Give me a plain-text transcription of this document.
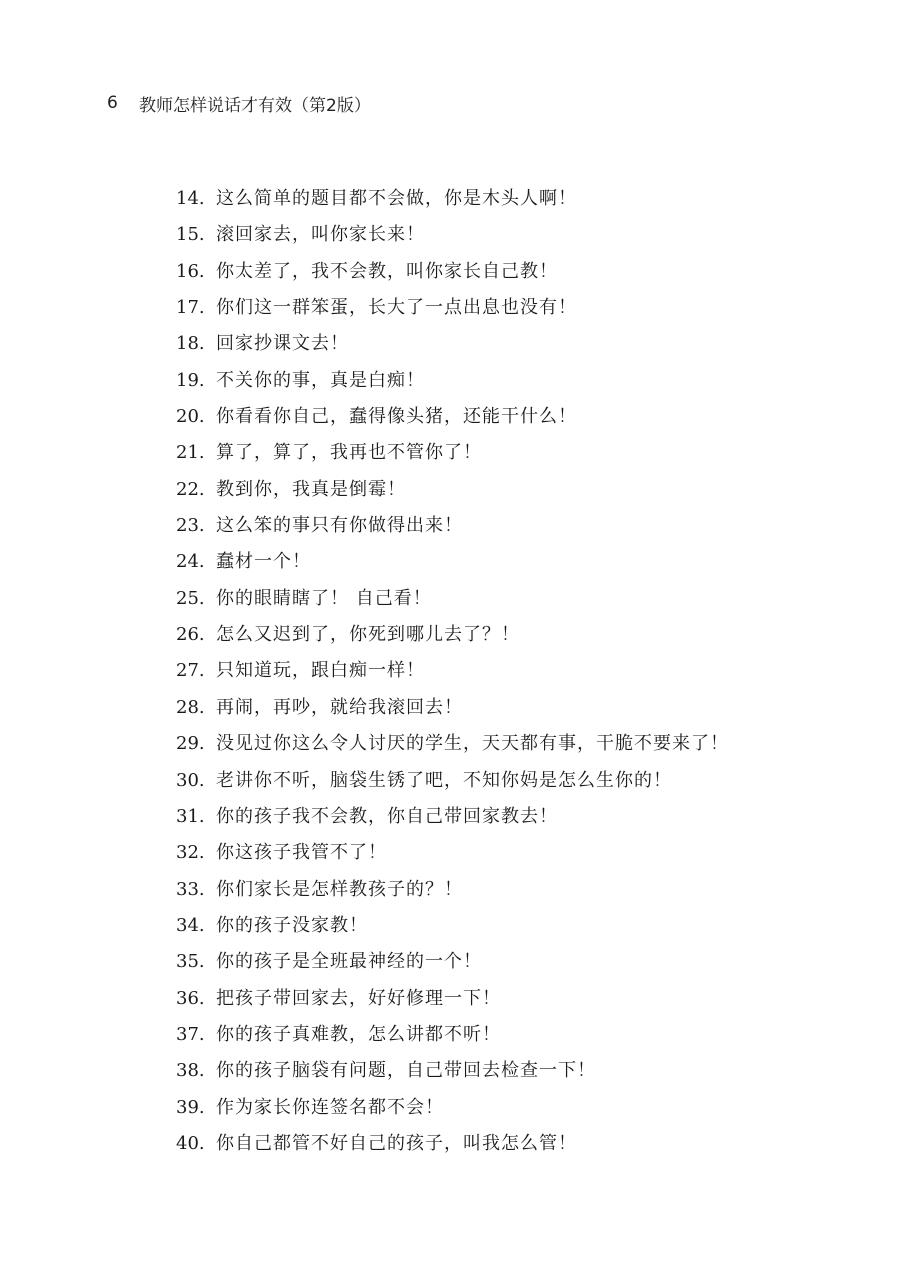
6	教师怎样说话才有效（第2版）
14. 这么简单的题目都不会做，你是木头人啊！
15. 滚回家去，叫你家长来！
16. 你太差了，我不会教，叫你家长自己教！
17. 你们这一群笨蛋，长大了一点出息也没有！
18. 回家抄课文去！
19. 不关你的事，真是白痴！
20. 你看看你自己，蠢得像头猪，还能干什么！
21. 算了，算了，我再也不管你了！
22. 教到你，我真是倒霉！
23. 这么笨的事只有你做得出来！
24. 蠢材一个！
25. 你的眼睛瞎了！ 自己看！
26. 怎么又迟到了，你死到哪儿去了？！
27. 只知道玩，跟白痴一样！
28. 再闹，再吵，就给我滚回去！
29. 没见过你这么令人讨厌的学生，天天都有事，干脆不要来了！
30. 老讲你不听，脑袋生锈了吧，不知你妈是怎么生你的！
31. 你的孩子我不会教，你自己带回家教去！
32. 你这孩子我管不了！
33. 你们家长是怎样教孩子的？！
34. 你的孩子没家教！
35. 你的孩子是全班最神经的一个！
36. 把孩子带回家去，好好修理一下！
37. 你的孩子真难教，怎么讲都不听！
38. 你的孩子脑袋有问题，自己带回去检查一下！
39. 作为家长你连签名都不会！
40. 你自己都管不好自己的孩子，叫我怎么管！
